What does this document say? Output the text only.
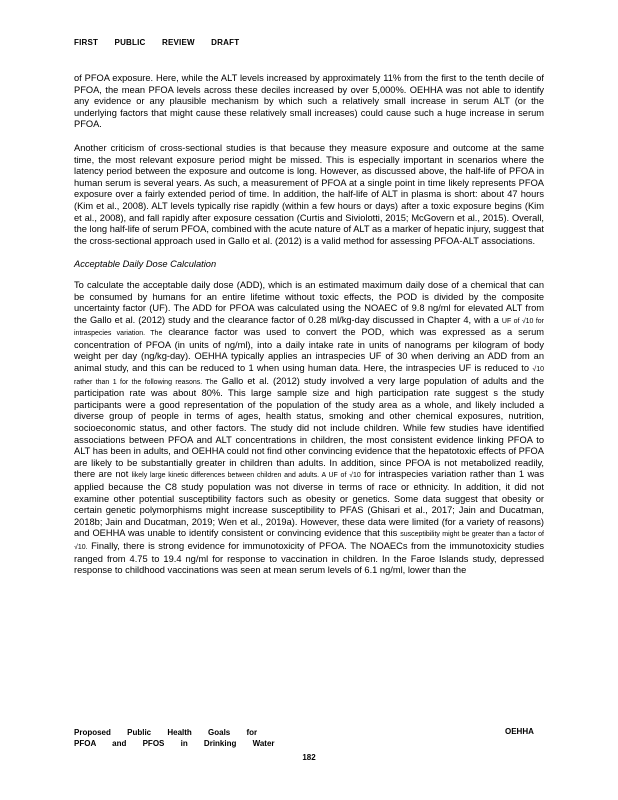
FIRST PUBLIC REVIEW DRAFT

of PFOA exposure. Here, while the ALT levels increased by approximately 11% from the first to the tenth decile of PFOA, the mean PFOA levels across these deciles increased by over 5,000%. OEHHA was not able to identify any evidence or any plausible mechanism by which such a relatively small increase in serum ALT (or the underlying factors that might cause these relatively small increases) could cause such a huge increase in serum PFOA.

Another criticism of cross-sectional studies is that because they measure exposure and outcome at the same time, the most relevant exposure period might be missed. This is especially important in scenarios where the latency period between the exposure and outcome is long. However, as discussed above, the half-life of PFOA in human serum is several years. As such, a measurement of PFOA at a single point in time likely represents PFOA exposure over a fairly extended period of time. In addition, the half-life of ALT in plasma is short: about 47 hours (Kim et al., 2008). ALT levels typically rise rapidly (within a few hours or days) after a toxic exposure begins (Kim et al., 2008), and fall rapidly after exposure cessation (Curtis and Siviolotti, 2015; McGovern et al., 2015). Overall, the long half-life of serum PFOA, combined with the acute nature of ALT as a marker of hepatic injury, suggest that the cross-sectional approach used in Gallo et al. (2012) is a valid method for assessing PFOA-ALT associations.

Acceptable Daily Dose Calculation

To calculate the acceptable daily dose (ADD), which is an estimated maximum daily dose of a chemical that can be consumed by humans for an entire lifetime without toxic effects, the POD is divided by the composite uncertainty factor (UF). The ADD for PFOA was calculated using the NOAEC of 9.8 ng/ml for elevated ALT from the Gallo et al. (2012) study and the clearance factor of 0.28 ml/kg-day discussed in Chapter 4, with a UF of √10 for intraspecies variation. The clearance factor was used to convert the POD, which was expressed as a serum concentration of PFOA (in units of ng/ml), into a daily intake rate in units of nanograms per kilogram of body weight per day (ng/kg-day). OEHHA typically applies an intraspecies UF of 30 when deriving an ADD from an animal study, and this can be reduced to 1 when using human data. Here, the intraspecies UF is reduced to √10 rather than 1 for the following reasons. The Gallo et al. (2012) study involved a very large population of adults and the participation rate was about 80%. This large sample size and high participation rate suggest s the study participants were a good representation of the population of the study area as a whole, and likely included a diverse group of people in terms of ages, health status, smoking and other chemical exposures, nutrition, socioeconomic status, and other factors. The study did not include children. While few studies have identified associations between PFOA and ALT concentrations in children, the most consistent evidence linking PFOA to ALT has been in adults, and OEHHA could not find other convincing evidence that the hepatotoxic effects of PFOA are likely to be substantially greater in children than adults. In addition, since PFOA is not metabolized readily, there are not likely large kinetic differences between children and adults. A UF of √10 for intraspecies variation rather than 1 was applied because the C8 study population was not diverse in terms of race or ethnicity. In addition, it did not examine other potential susceptibility factors such as obesity or genetics. Some data suggest that obesity or certain genetic polymorphisms might increase susceptibility to PFAS (Ghisari et al., 2017; Jain and Ducatman, 2018b; Jain and Ducatman, 2019; Wen et al., 2019a). However, these data were limited (for a variety of reasons) and OEHHA was unable to identify consistent or convincing evidence that this susceptibility might be greater than a factor of √10. Finally, there is strong evidence for immunotoxicity of PFOA. The NOAECs from the immunotoxicity studies ranged from 4.75 to 19.4 ng/ml for response to vaccination in children. In the Faroe Islands study, depressed response to childhood vaccinations was seen at mean serum levels of 6.1 ng/ml, lower than the

Proposed Public Health Goals for
PFOA and PFOS in Drinking Water
OEHHA
182
